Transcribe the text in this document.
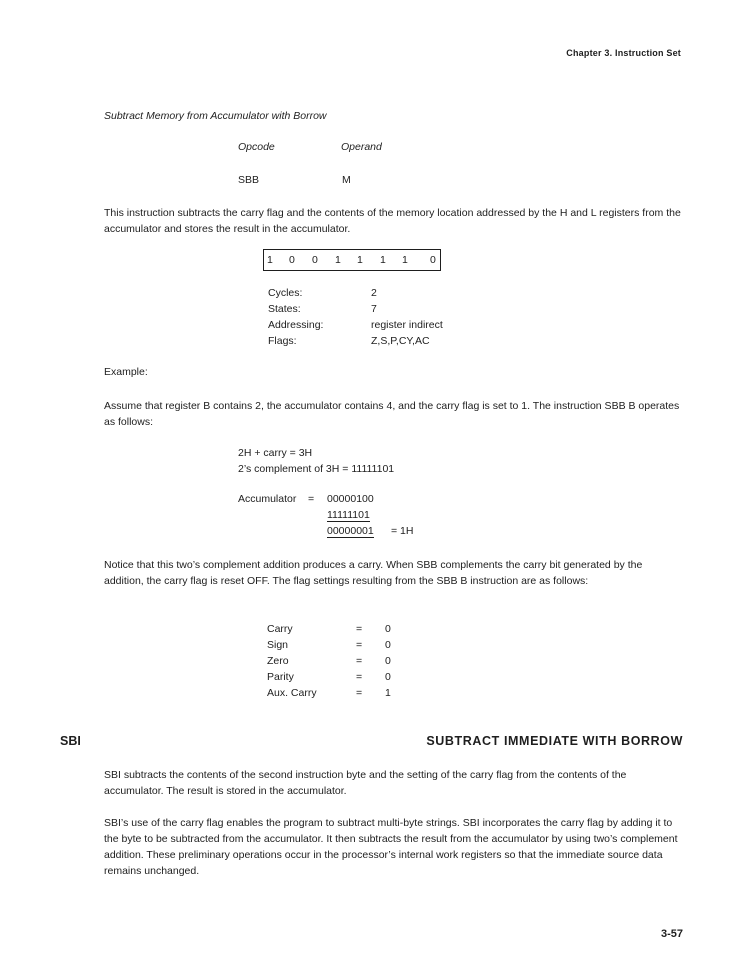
Chapter 3. Instruction Set
Subtract Memory from Accumulator with Borrow
Opcode	Operand
SBB	M
This instruction subtracts the carry flag and the contents of the memory location addressed by the H and L registers from the accumulator and stores the result in the accumulator.
1 0 0 1 1 1 1 0
Cycles:	2
States:	7
Addressing:	register indirect
Flags:	Z,S,P,CY,AC
Example:
Assume that register B contains 2, the accumulator contains 4, and the carry flag is set to 1. The instruction SBB B operates as follows:
2H + carry = 3H
2’s complement of 3H = 11111101
Accumulator = 00000100
11111101
00000001 = 1H
Notice that this two’s complement addition produces a carry. When SBB complements the carry bit generated by the addition, the carry flag is reset OFF. The flag settings resulting from the SBB B instruction are as follows:
Carry	= 0
Sign	= 0
Zero	= 0
Parity	= 0
Aux. Carry	= 1
SBI	SUBTRACT IMMEDIATE WITH BORROW
SBI subtracts the contents of the second instruction byte and the setting of the carry flag from the contents of the accumulator. The result is stored in the accumulator.
SBI’s use of the carry flag enables the program to subtract multi-byte strings. SBI incorporates the carry flag by adding it to the byte to be subtracted from the accumulator. It then subtracts the result from the accumulator by using two’s complement addition. These preliminary operations occur in the processor’s internal work registers so that the immediate source data remains unchanged.
3-57
